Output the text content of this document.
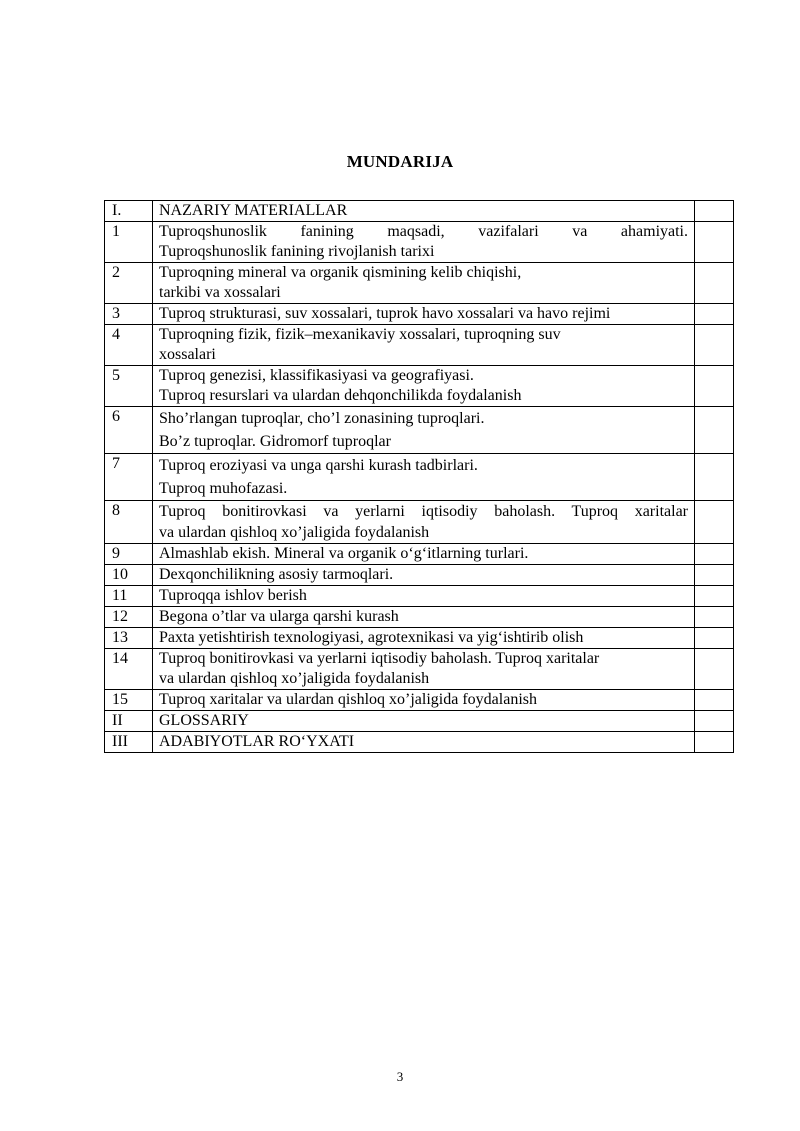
MUNDARIJA
I.	NAZARIY MATERIALLAR	

1	Tuproqshunoslik fanining maqsadi, vazifalari va ahamiyati.
Tuproqshunoslik fanining rivojlanish tarixi	

2	Tuproqning mineral va organik qismining kelib chiqishi,
tarkibi va xossalari	

3	Tuproq strukturasi, suv xossalari, tuprok havo xossalari va havo rejimi	

4	Tuproqning fizik, fizik–mexanikaviy xossalari, tuproqning suv
xossalari	

5	Tuproq genezisi, klassifikasiyasi va geografiyasi.
Tuproq resurslari va ulardan dehqonchilikda foydalanish	

6	Sho’rlangan tuproqlar, cho’l zonasining tuproqlari.
Bo’z tuproqlar. Gidromorf tuproqlar	

7	Tuproq eroziyasi va unga qarshi kurash tadbirlari.
Tuproq muhofazasi.	

8	Tuproq bonitirovkasi va yerlarni iqtisodiy baholash. Tuproq xaritalar
va ulardan qishloq xo’jaligida foydalanish	

9	Almashlab ekish. Mineral va organik o‘g‘itlarning turlari.	

10	Dexqonchilikning asosiy tarmoqlari.	

11	Tuproqqa ishlov berish	

12	Begona o’tlar va ularga qarshi kurash	

13	Paxta yetishtirish texnologiyasi, agrotexnikasi va yig‘ishtirib olish	

14	Tuproq bonitirovkasi va yerlarni iqtisodiy baholash. Tuproq xaritalar
va ulardan qishloq xo’jaligida foydalanish	

15	Tuproq xaritalar va ulardan qishloq xo’jaligida foydalanish	

II	GLOSSARIY	

III	ADABIYOTLAR RO‘YXATI	

3
